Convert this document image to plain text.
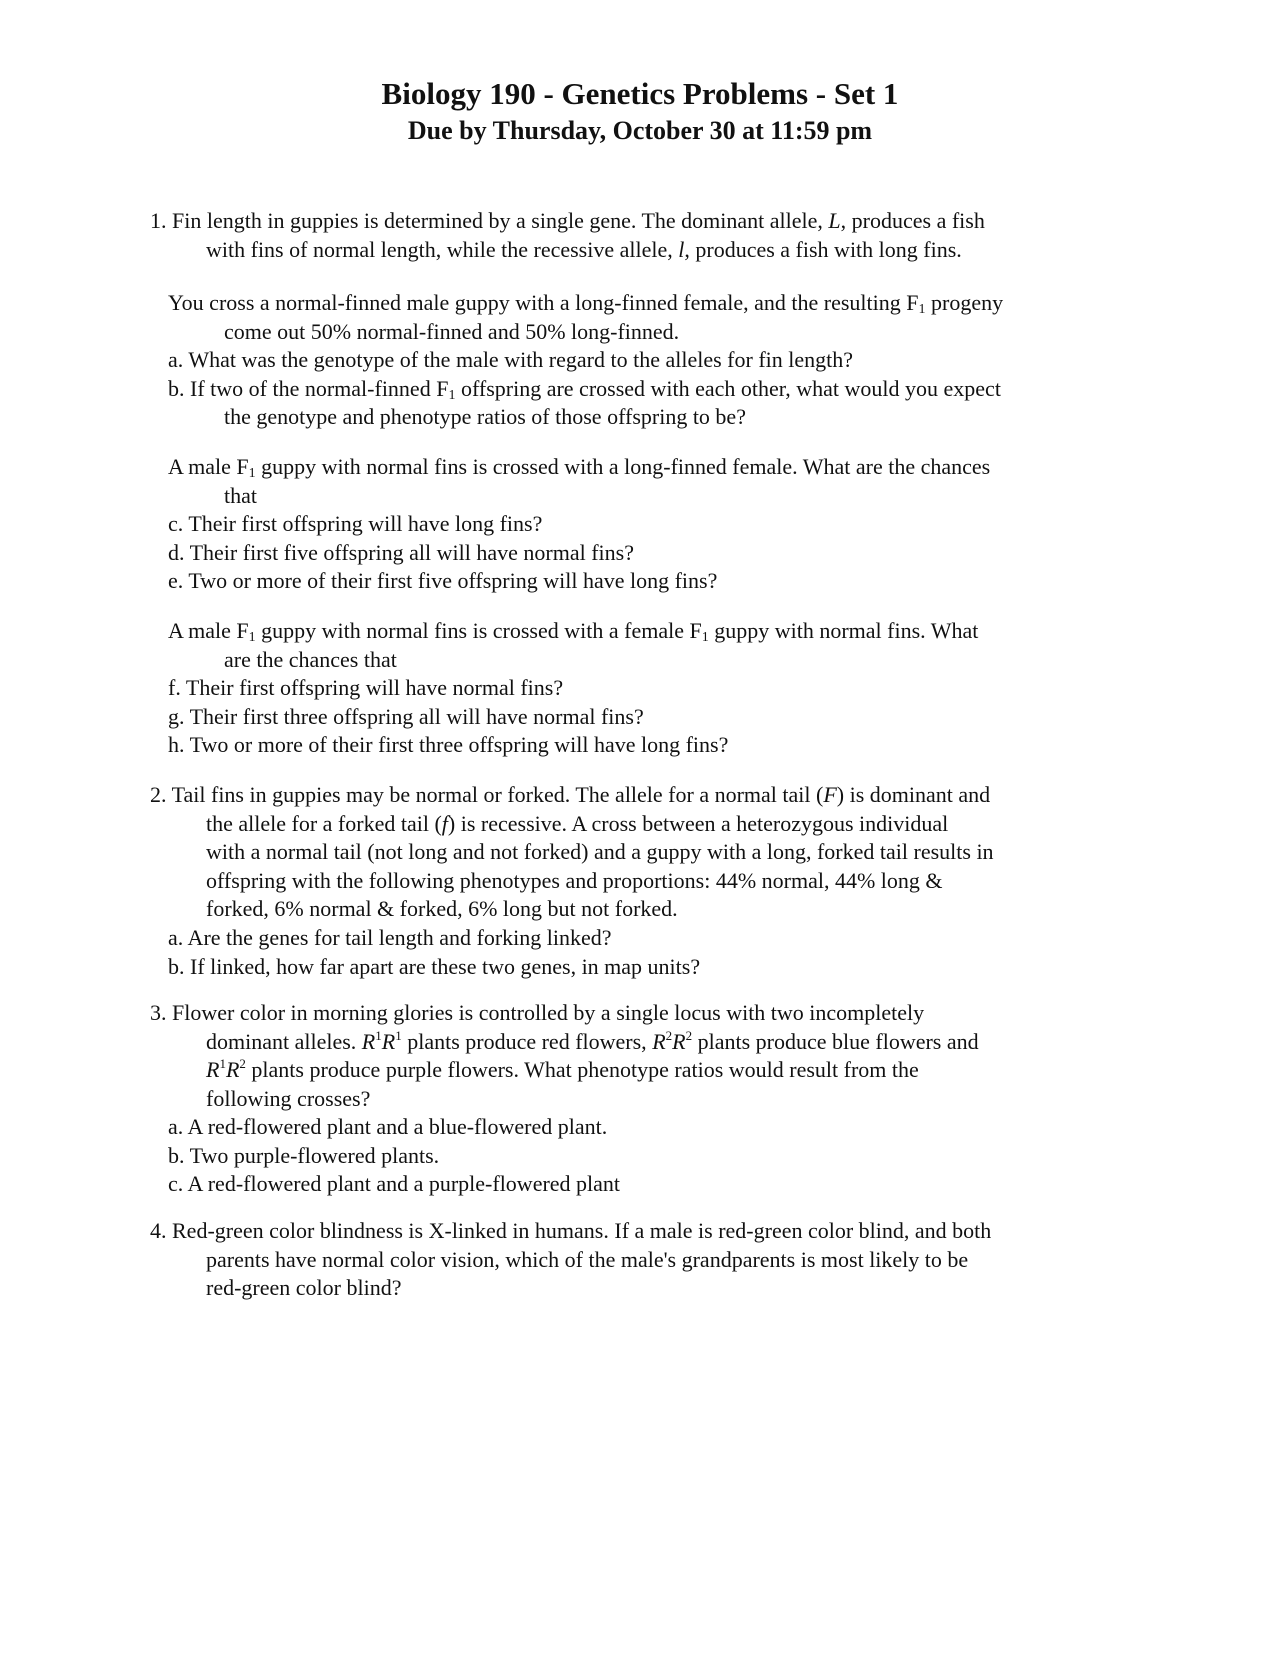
Biology 190 - Genetics Problems - Set 1
Due by Thursday, October 30 at 11:59 pm
1. Fin length in guppies is determined by a single gene. The dominant allele, L, produces a fish
with fins of normal length, while the recessive allele, l, produces a fish with long fins.
You cross a normal-finned male guppy with a long-finned female, and the resulting $F_1$ progeny
come out 50% normal-finned and 50% long-finned.
a. What was the genotype of the male with regard to the alleles for fin length?
b. If two of the normal-finned $F_1$ offspring are crossed with each other, what would you expect
the genotype and phenotype ratios of those offspring to be?
A male $F_1$ guppy with normal fins is crossed with a long-finned female. What are the chances
that
c. Their first offspring will have long fins?
d. Their first five offspring all will have normal fins?
e. Two or more of their first five offspring will have long fins?
A male $F_1$ guppy with normal fins is crossed with a female $F_1$ guppy with normal fins. What
are the chances that
f. Their first offspring will have normal fins?
g. Their first three offspring all will have normal fins?
h. Two or more of their first three offspring will have long fins?
2. Tail fins in guppies may be normal or forked. The allele for a normal tail (F) is dominant and
the allele for a forked tail (f) is recessive. A cross between a heterozygous individual
with a normal tail (not long and not forked) and a guppy with a long, forked tail results in
offspring with the following phenotypes and proportions: 44% normal, 44% long &
forked, 6% normal & forked, 6% long but not forked.
a. Are the genes for tail length and forking linked?
b. If linked, how far apart are these two genes, in map units?
3. Flower color in morning glories is controlled by a single locus with two incompletely
dominant alleles. $R^1R^1$ plants produce red flowers, $R^2R^2$ plants produce blue flowers and
$R^1R^2$ plants produce purple flowers. What phenotype ratios would result from the
following crosses?
a. A red-flowered plant and a blue-flowered plant.
b. Two purple-flowered plants.
c. A red-flowered plant and a purple-flowered plant
4. Red-green color blindness is X-linked in humans. If a male is red-green color blind, and both
parents have normal color vision, which of the male's grandparents is most likely to be
red-green color blind?
